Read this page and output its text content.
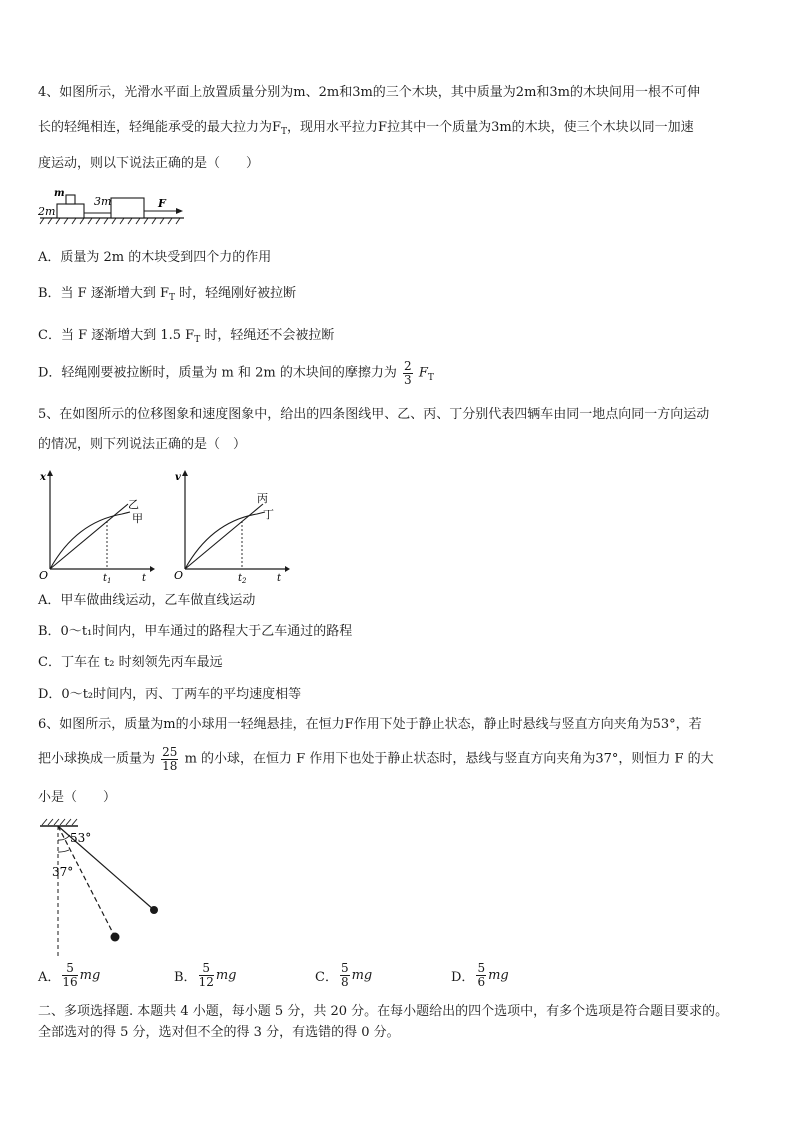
4、如图所示，光滑水平面上放置质量分别为m、2m和3m的三个木块，其中质量为2m和3m的木块间用一根不可伸
长的轻绳相连，轻绳能承受的最大拉力为$F_T$，现用水平拉力F拉其中一个质量为3m的木块，使三个木块以同一加速
度运动，则以下说法正确的是（　　）
m
2m
3m	F
A．质量为 2m 的木块受到四个力的作用
B．当 F 逐渐增大到 $F_T$ 时，轻绳刚好被拉断
C．当 F 逐渐增大到 1.5 $F_T$ 时，轻绳还不会被拉断
D．轻绳刚要被拉断时，质量为 m 和 2m 的木块间的摩擦力为 $\frac{2}{3} F_T$
5、在如图所示的位移图象和速度图象中，给出的四条图线甲、乙、丙、丁分别代表四辆车由同一地点向同一方向运动
的情况，则下列说法正确的是（　）
x
t
O	$t_1$
乙
甲
v
t
O	$t_2$
丙
丁
A．甲车做曲线运动，乙车做直线运动
B．0～t₁时间内，甲车通过的路程大于乙车通过的路程
C．丁车在 t₂ 时刻领先丙车最远
D．0～t₂时间内，丙、丁两车的平均速度相等
6、如图所示，质量为m的小球用一轻绳悬挂，在恒力F作用下处于静止状态，静止时悬线与竖直方向夹角为53°，若
把小球换成一质量为 $\frac{25}{18}$ m 的小球，在恒力 F 作用下也处于静止状态时，悬线与竖直方向夹角为37°，则恒力 F 的大
小是（　　）
53°
37°
A． $\frac{5}{16}$ mg	B． $\frac{5}{12}$ mg	C． $\frac{5}{8}$ mg	D． $\frac{5}{6}$ mg
二、多项选择题. 本题共 4 小题，每小题 5 分，共 20 分。在每小题给出的四个选项中，有多个选项是符合题目要求的。
全部选对的得 5 分，选对但不全的得 3 分，有选错的得 0 分。
